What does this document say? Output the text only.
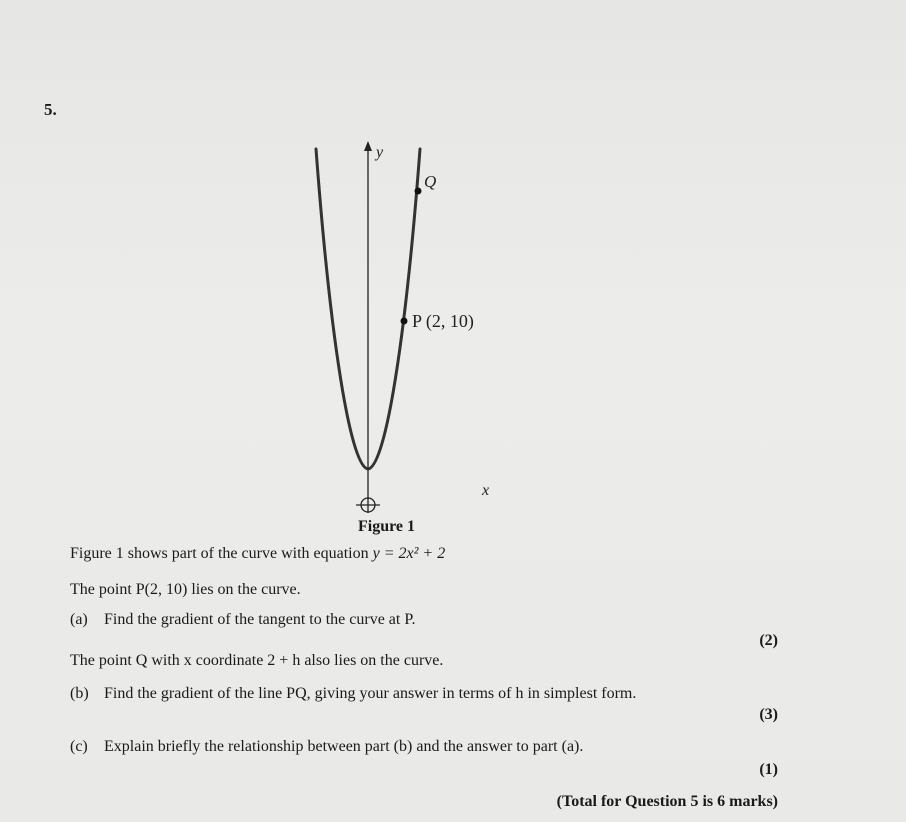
5.
y
x
Q
P (2, 10)
Figure 1
Figure 1 shows part of the curve with equation y = 2x² + 2
The point P(2, 10) lies on the curve.
(a) Find the gradient of the tangent to the curve at P.
(2)
The point Q with x coordinate 2 + h also lies on the curve.
(b) Find the gradient of the line PQ, giving your answer in terms of h in simplest form.
(3)
(c) Explain briefly the relationship between part (b) and the answer to part (a).
(1)
(Total for Question 5 is 6 marks)
